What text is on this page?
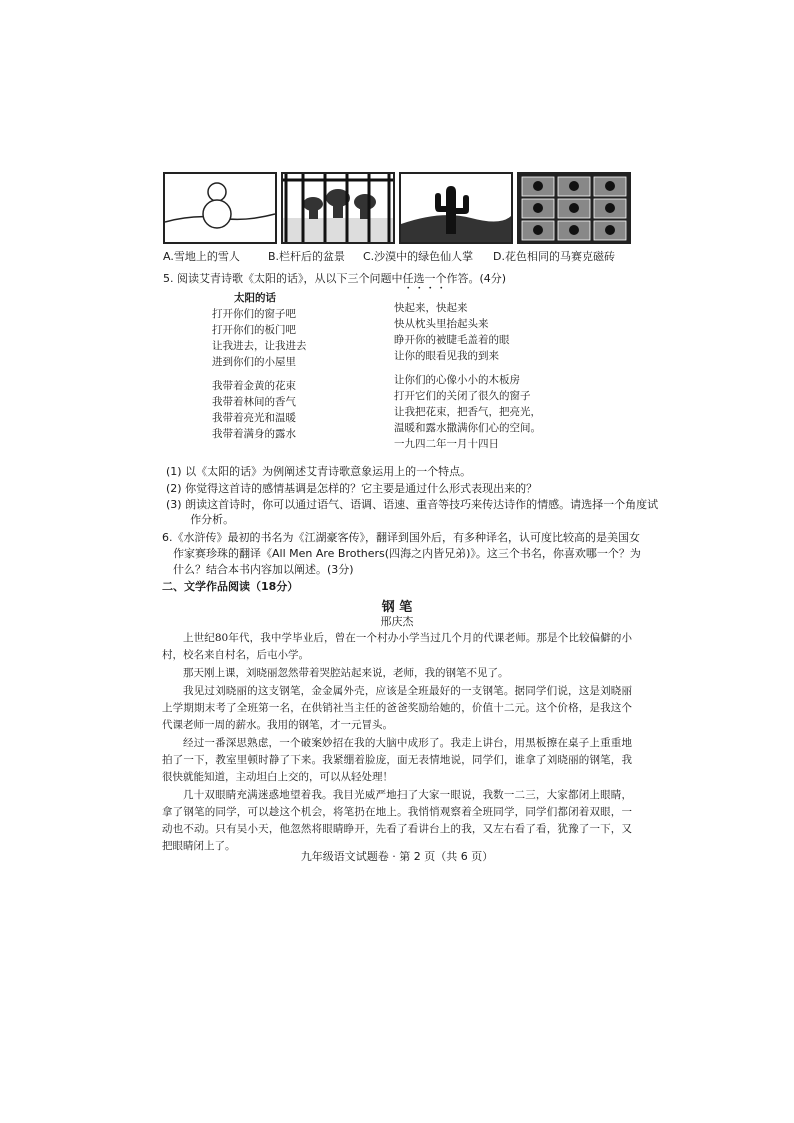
A.雪地上的雪人	B.栏杆后的盆景 C.沙漠中的绿色仙人掌 D.花色相同的马赛克磁砖
5. 阅读艾青诗歌《太阳的话》，从以下三个问题中任选一个作答。(4分)
太阳的话
打开你们的窗子吧
打开你们的板门吧
让我进去，让我进去
进到你们的小屋里
我带着金黄的花束
我带着林间的香气
我带着亮光和温暖
我带着满身的露水
快起来，快起来
快从枕头里抬起头来
睁开你的被睫毛盖着的眼
让你的眼看见我的到来
让你们的心像小小的木板房
打开它们的关闭了很久的窗子
让我把花束，把香气，把亮光，
温暖和露水撒满你们心的空间。
一九四二年一月十四日
(1) 以《太阳的话》为例阐述艾青诗歌意象运用上的一个特点。
(2) 你觉得这首诗的感情基调是怎样的？它主要是通过什么形式表现出来的？
(3) 朗读这首诗时，你可以通过语气、语调、语速、重音等技巧来传达诗作的情感。请选择一个角度试作分析。
6.《水浒传》最初的书名为《江湖豪客传》，翻译到国外后，有多种译名，认可度比较高的是美国女作家赛珍珠的翻译《All Men Are Brothers(四海之内皆兄弟)》。这三个书名，你喜欢哪一个？为什么？结合本书内容加以阐述。(3分)
二、文学作品阅读（18分）
钢 笔
邢庆杰
上世纪80年代，我中学毕业后，曾在一个村办小学当过几个月的代课老师。那是个比较偏僻的小村，校名来自村名，后屯小学。
那天刚上课，刘晓丽忽然带着哭腔站起来说，老师，我的钢笔不见了。
我见过刘晓丽的这支钢笔，金金属外壳，应该是全班最好的一支钢笔。据同学们说，这是刘晓丽上学期期末考了全班第一名，在供销社当主任的爸爸奖励给她的，价值十二元。这个价格，是我这个代课老师一周的薪水。我用的钢笔，才一元冒头。
经过一番深思熟虑，一个破案妙招在我的大脑中成形了。我走上讲台，用黑板擦在桌子上重重地拍了一下，教室里顿时静了下来。我紧绷着脸庞，面无表情地说，同学们，谁拿了刘晓丽的钢笔，我很快就能知道，主动坦白上交的，可以从轻处理！
几十双眼睛充满迷惑地望着我。我目光威严地扫了大家一眼说，我数一二三，大家都闭上眼睛，拿了钢笔的同学，可以趁这个机会，将笔扔在地上。我悄悄观察着全班同学，同学们都闭着双眼，一动也不动。只有吴小天，他忽然将眼睛睁开，先看了看讲台上的我，又左右看了看，犹豫了一下，又把眼睛闭上了。
九年级语文试题卷 · 第 2 页（共 6 页）
